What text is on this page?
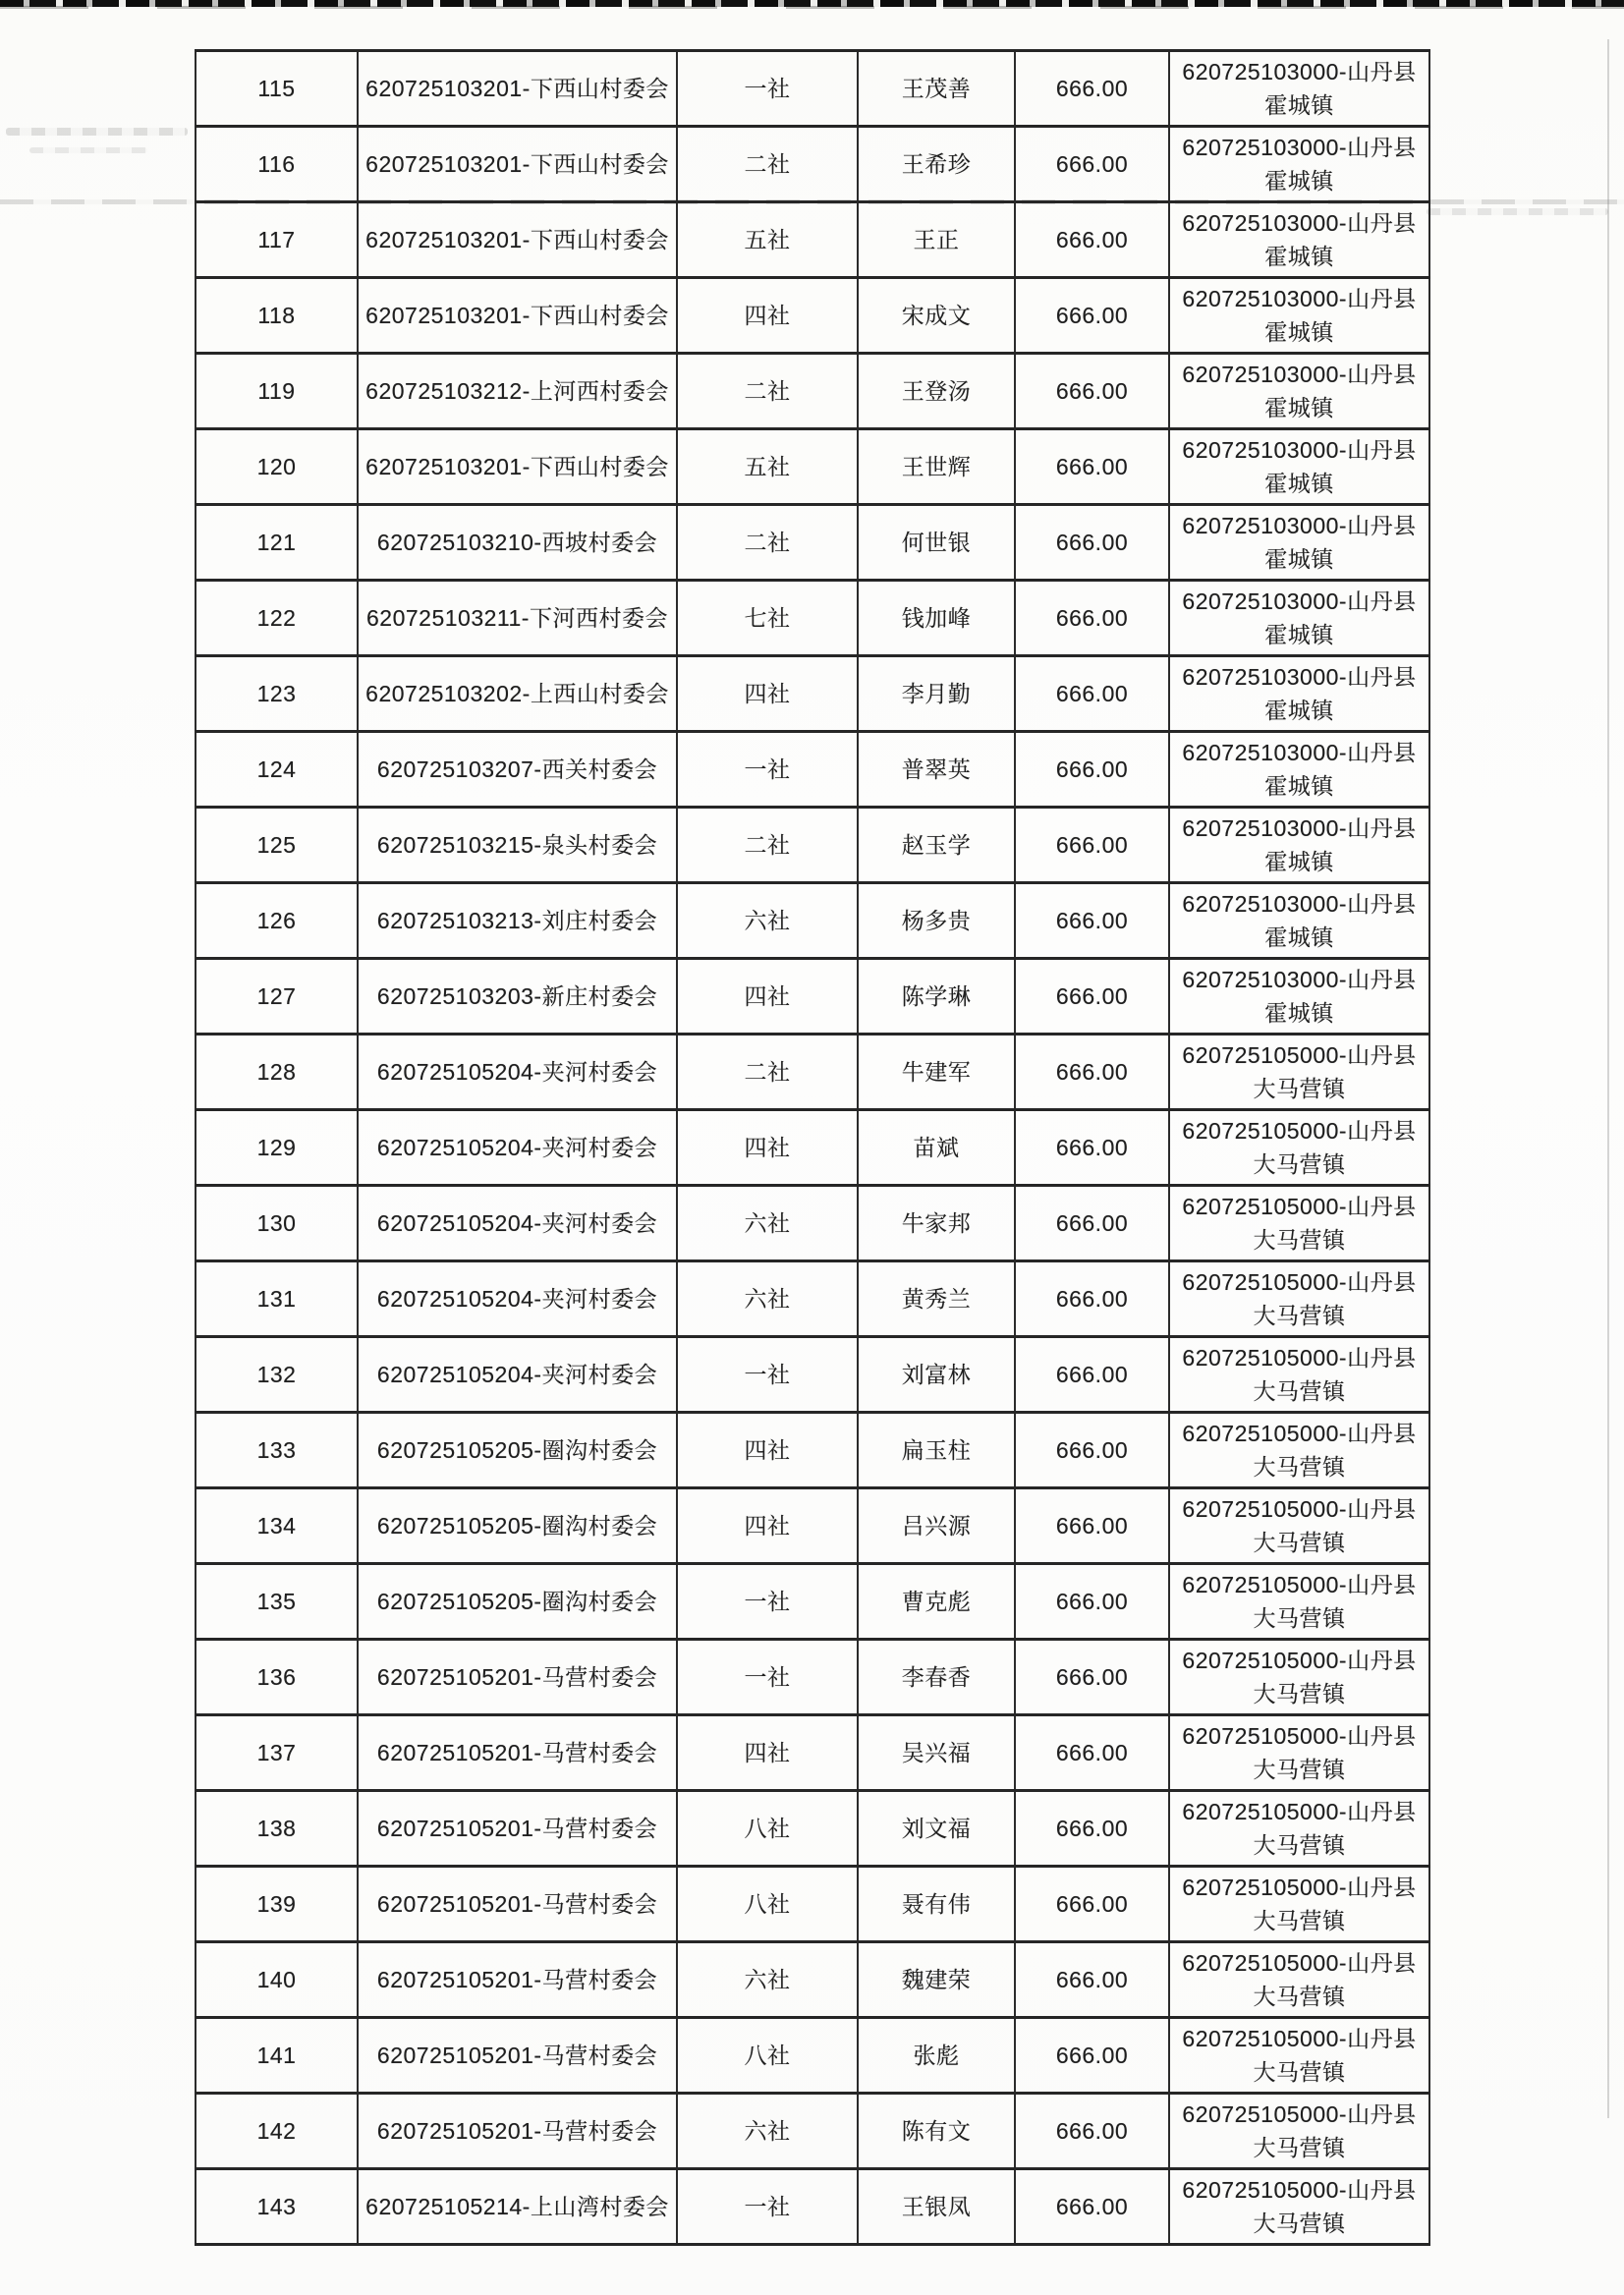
115	620725103201-下西山村委会	一社	王茂善	666.00	620725103000-山丹县霍城镇
116	620725103201-下西山村委会	二社	王希珍	666.00	620725103000-山丹县霍城镇
117	620725103201-下西山村委会	五社	王正	666.00	620725103000-山丹县霍城镇
118	620725103201-下西山村委会	四社	宋成文	666.00	620725103000-山丹县霍城镇
119	620725103212-上河西村委会	二社	王登汤	666.00	620725103000-山丹县霍城镇
120	620725103201-下西山村委会	五社	王世辉	666.00	620725103000-山丹县霍城镇
121	620725103210-西坡村委会	二社	何世银	666.00	620725103000-山丹县霍城镇
122	620725103211-下河西村委会	七社	钱加峰	666.00	620725103000-山丹县霍城镇
123	620725103202-上西山村委会	四社	李月勤	666.00	620725103000-山丹县霍城镇
124	620725103207-西关村委会	一社	普翠英	666.00	620725103000-山丹县霍城镇
125	620725103215-泉头村委会	二社	赵玉学	666.00	620725103000-山丹县霍城镇
126	620725103213-刘庄村委会	六社	杨多贵	666.00	620725103000-山丹县霍城镇
127	620725103203-新庄村委会	四社	陈学琳	666.00	620725103000-山丹县霍城镇
128	620725105204-夹河村委会	二社	牛建军	666.00	620725105000-山丹县大马营镇
129	620725105204-夹河村委会	四社	苗斌	666.00	620725105000-山丹县大马营镇
130	620725105204-夹河村委会	六社	牛家邦	666.00	620725105000-山丹县大马营镇
131	620725105204-夹河村委会	六社	黄秀兰	666.00	620725105000-山丹县大马营镇
132	620725105204-夹河村委会	一社	刘富林	666.00	620725105000-山丹县大马营镇
133	620725105205-圈沟村委会	四社	扁玉柱	666.00	620725105000-山丹县大马营镇
134	620725105205-圈沟村委会	四社	吕兴源	666.00	620725105000-山丹县大马营镇
135	620725105205-圈沟村委会	一社	曹克彪	666.00	620725105000-山丹县大马营镇
136	620725105201-马营村委会	一社	李春香	666.00	620725105000-山丹县大马营镇
137	620725105201-马营村委会	四社	吴兴福	666.00	620725105000-山丹县大马营镇
138	620725105201-马营村委会	八社	刘文福	666.00	620725105000-山丹县大马营镇
139	620725105201-马营村委会	八社	聂有伟	666.00	620725105000-山丹县大马营镇
140	620725105201-马营村委会	六社	魏建荣	666.00	620725105000-山丹县大马营镇
141	620725105201-马营村委会	八社	张彪	666.00	620725105000-山丹县大马营镇
142	620725105201-马营村委会	六社	陈有文	666.00	620725105000-山丹县大马营镇
143	620725105214-上山湾村委会	一社	王银凤	666.00	620725105000-山丹县大马营镇
